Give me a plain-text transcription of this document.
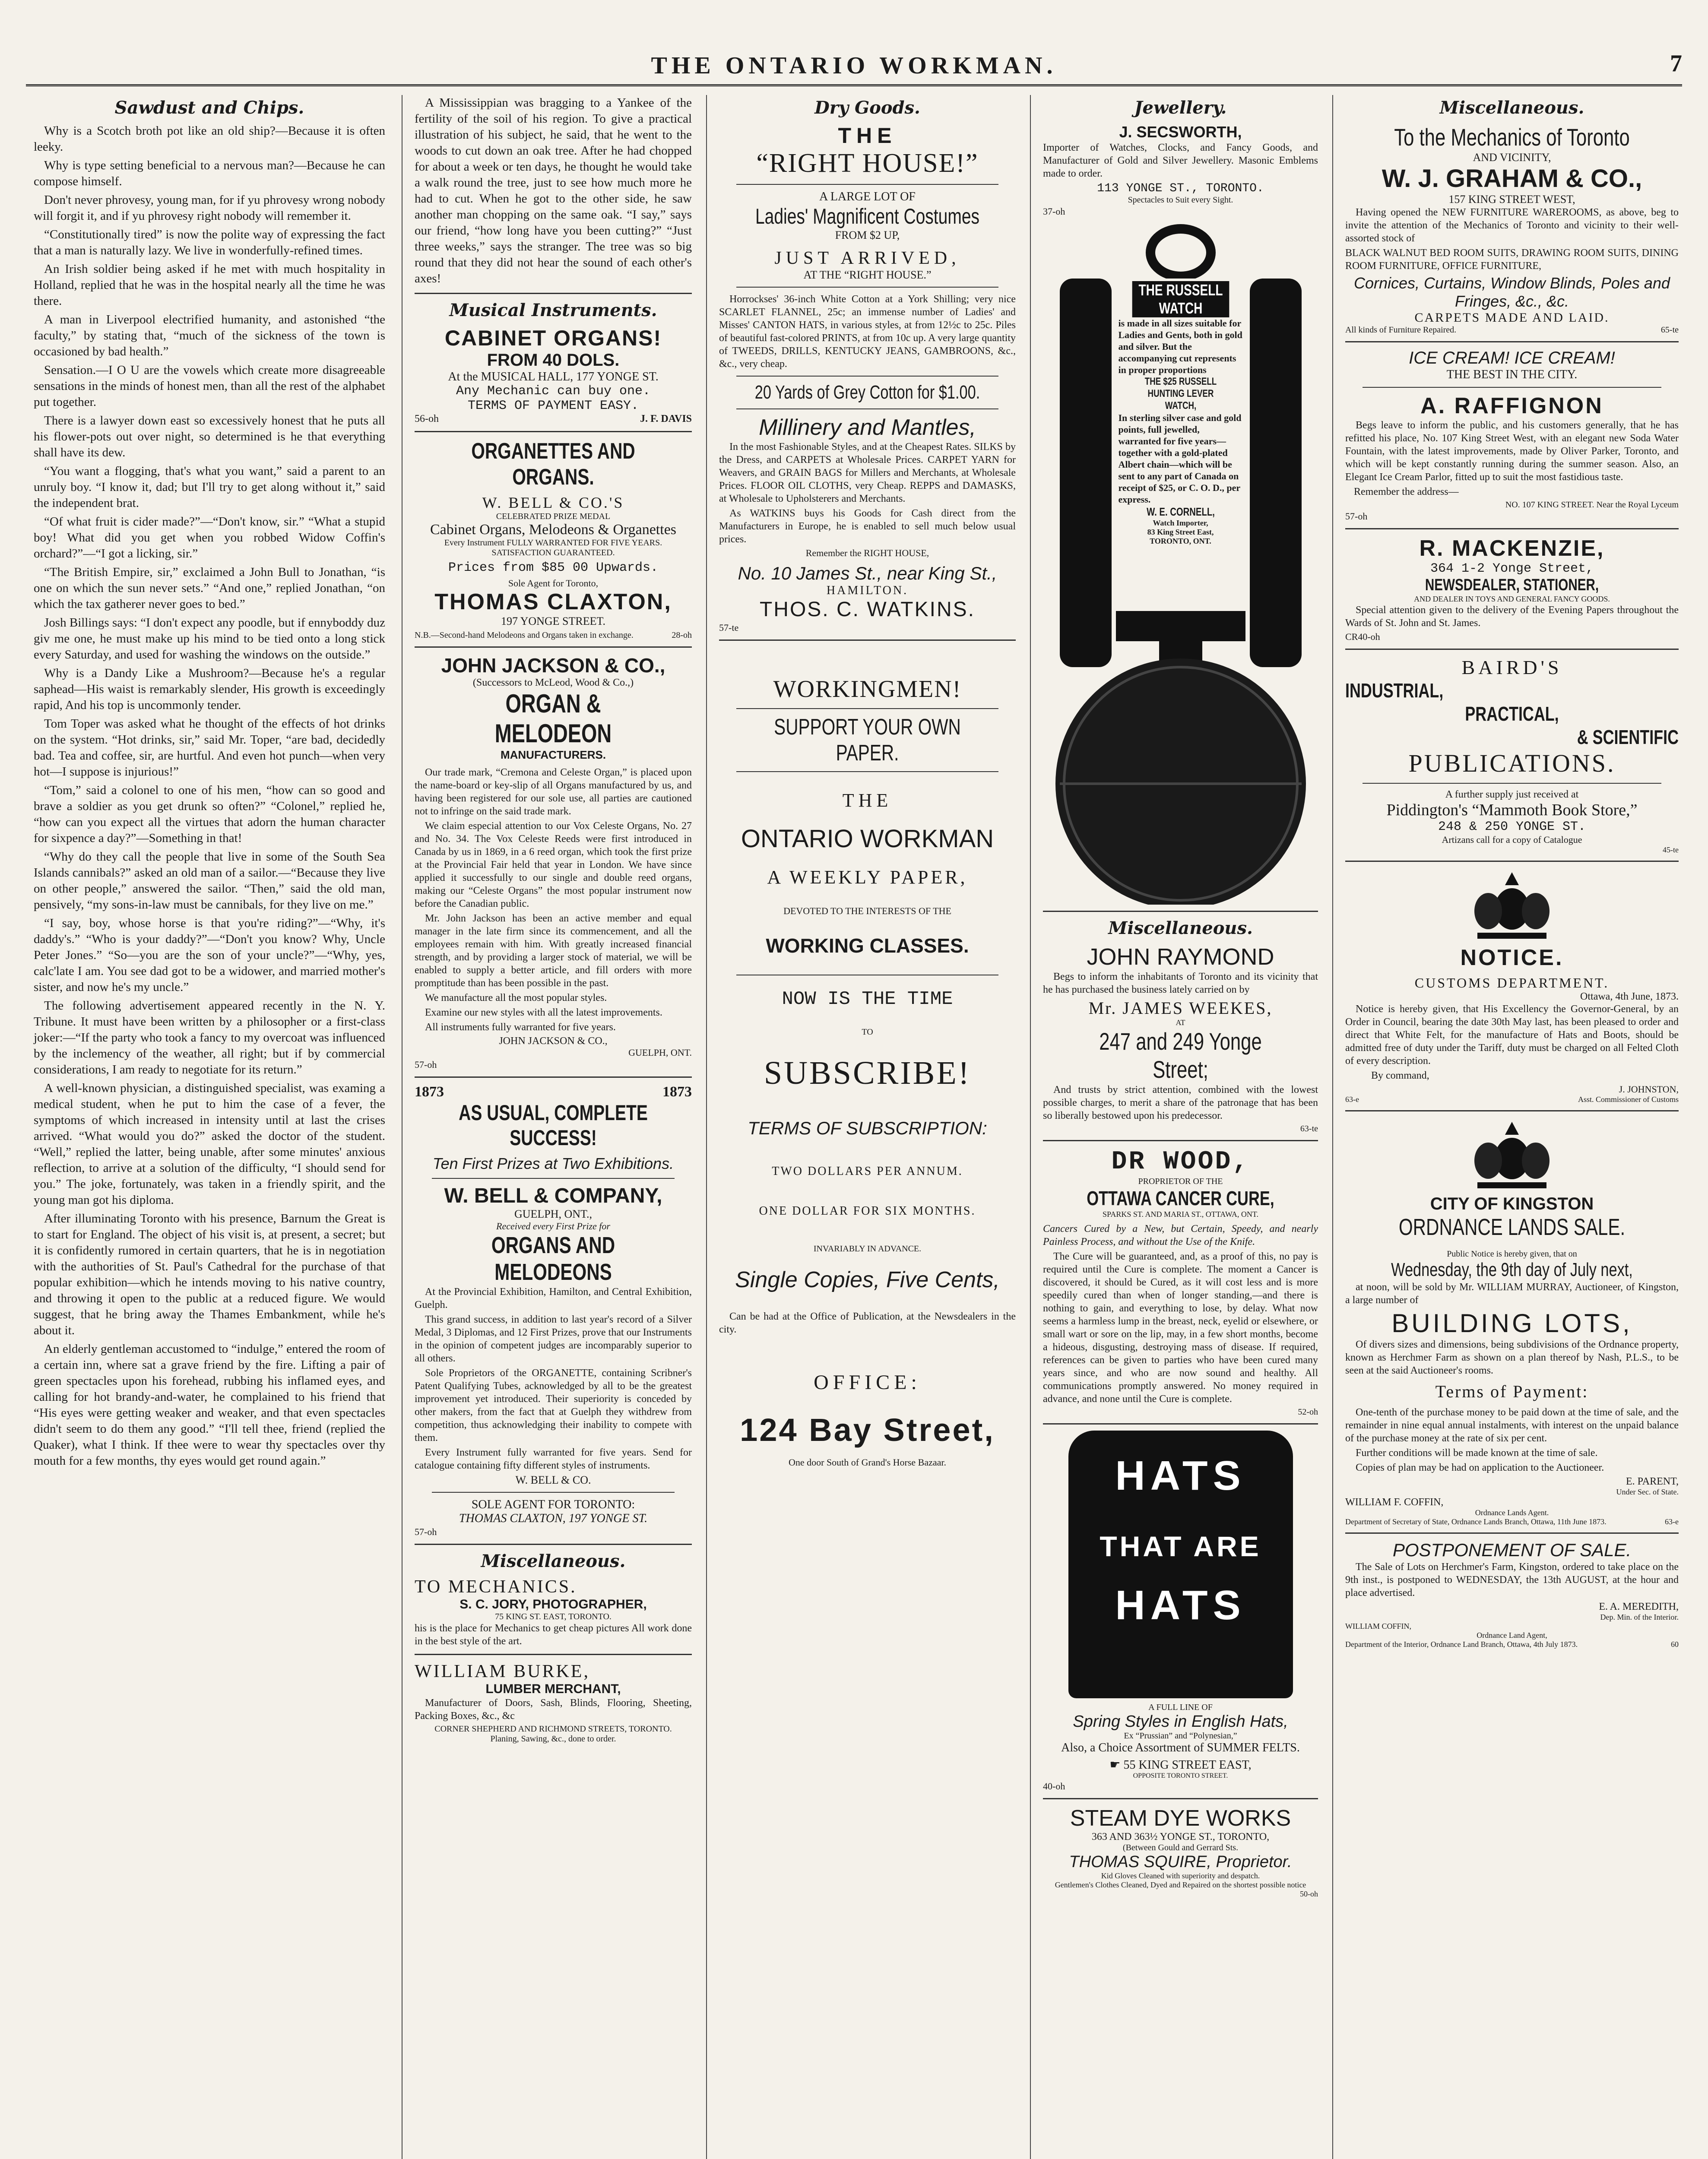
THE ONTARIO WORKMAN.	7
Sawdust and Chips.

Why is a Scotch broth pot like an old ship?—Because it is often leeky.

Why is type setting beneficial to a nervous man?—Because he can compose himself.

Don't never phrovesy, young man, for if yu phrovesy wrong nobody will forgit it, and if yu phrovesy right nobody will remember it.

“Constitutionally tired” is now the polite way of expressing the fact that a man is naturally lazy. We live in wonderfully-refined times.

An Irish soldier being asked if he met with much hospitality in Holland, replied that he was in the hospital nearly all the time he was there.

A man in Liverpool electrified humanity, and astonished “the faculty,” by stating that, “much of the sickness of the town is occasioned by bad health.”

Sensation.—I O U are the vowels which create more disagreeable sensations in the minds of honest men, than all the rest of the alphabet put together.

There is a lawyer down east so excessively honest that he puts all his flower-pots out over night, so determined is he that everything shall have its dew.

“You want a flogging, that's what you want,” said a parent to an unruly boy. “I know it, dad; but I'll try to get along without it,” said the independent brat.

“Of what fruit is cider made?”—“Don't know, sir.” “What a stupid boy! What did you get when you robbed Widow Coffin's orchard?”—“I got a licking, sir.”

“The British Empire, sir,” exclaimed a John Bull to Jonathan, “is one on which the sun never sets.” “And one,” replied Jonathan, “on which the tax gatherer never goes to bed.”

Josh Billings says: “I don't expect any poodle, but if ennyboddy duz giv me one, he must make up his mind to be tied onto a long stick every Saturday, and used for washing the windows on the outside.”

Why is a Dandy Like a Mushroom?—Because he's a regular saphead—His waist is remarkably slender, His growth is exceedingly rapid, And his top is uncommonly tender.

Tom Toper was asked what he thought of the effects of hot drinks on the system. “Hot drinks, sir,” said Mr. Toper, “are bad, decidedly bad. Tea and coffee, sir, are hurtful. And even hot punch—when very hot—I suppose is injurious!”

“Tom,” said a colonel to one of his men, “how can so good and brave a soldier as you get drunk so often?” “Colonel,” replied he, “how can you expect all the virtues that adorn the human character for sixpence a day?”—Something in that!

“Why do they call the people that live in some of the South Sea Islands cannibals?” asked an old man of a sailor.—“Because they live on other people,” answered the sailor. “Then,” said the old man, pensively, “my sons-in-law must be cannibals, for they live on me.”

“I say, boy, whose horse is that you're riding?”—“Why, it's daddy's.” “Who is your daddy?”—“Don't you know? Why, Uncle Peter Jones.” “So—you are the son of your uncle?”—“Why, yes, calc'late I am. You see dad got to be a widower, and married mother's sister, and now he's my uncle.”

The following advertisement appeared recently in the N. Y. Tribune. It must have been written by a philosopher or a first-class joker:—“If the party who took a fancy to my overcoat was influenced by the inclemency of the weather, all right; but if by commercial considerations, I am ready to negotiate for its return.”

A well-known physician, a distinguished specialist, was examing a medical student, when he put to him the case of a fever, the symptoms of which increased in intensity until at last the crises arrived. “What would you do?” asked the doctor of the student. “Well,” replied the latter, being unable, after some minutes' anxious reflection, to arrive at a solution of the difficulty, “I should send for you.” The joke, fortunately, was taken in a friendly spirit, and the young man got his diploma.

After illuminating Toronto with his presence, Barnum the Great is to start for England. The object of his visit is, at present, a secret; but it is confidently rumored in certain quarters, that he is in negotiation with the authorities of St. Paul's Cathedral for the purchase of that popular exhibition—which he intends moving to his native country, and throwing it open to the public at a reduced figure. We would suggest, that he bring away the Thames Embankment, while he's about it.

An elderly gentleman accustomed to “indulge,” entered the room of a certain inn, where sat a grave friend by the fire. Lifting a pair of green spectacles upon his forehead, rubbing his inflamed eyes, and calling for hot brandy-and-water, he complained to his friend that “His eyes were getting weaker and weaker, and that even spectacles didn't seem to do them any good.” “I'll tell thee, friend (replied the Quaker), what I think. If thee were to wear thy spectacles over thy mouth for a few months, thy eyes would get round again.”

A Mississippian was bragging to a Yankee of the fertility of the soil of his region. To give a practical illustration of his subject, he said, that he went to the woods to cut down an oak tree. After he had chopped for about a week or ten days, he thought he would take a walk round the tree, just to see how much more he had to cut. When he got to the other side, he saw another man chopping on the same oak. “I say,” says our friend, “how long have you been cutting?” “Just three weeks,” says the stranger. The tree was so big round that they did not hear the sound of each other's axes!

Musical Instruments.
CABINET ORGANS!
FROM 40 DOLS.
At the MUSICAL HALL, 177 YONGE ST.
Any Mechanic can buy one.
TERMS OF PAYMENT EASY.
56-oh	J. F. DAVIS
ORGANETTES AND ORGANS.
W. BELL & CO.'S
CELEBRATED PRIZE MEDAL
Cabinet Organs, Melodeons & Organettes
Every Instrument FULLY WARRANTED FOR FIVE YEARS. SATISFACTION GUARANTEED.
Prices from $85 00 Upwards.
Sole Agent for Toronto,
THOMAS CLAXTON,
197 YONGE STREET.
N.B.—Second-hand Melodeons and Organs taken in exchange.	28-oh
JOHN JACKSON & CO.,
(Successors to McLeod, Wood & Co.,)
ORGAN & MELODEON
MANUFACTURERS.

Our trade mark, “Cremona and Celeste Organ,” is placed upon the name-board or key-slip of all Organs manufactured by us, and having been registered for our sole use, all parties are cautioned not to infringe on the said trade mark.

We claim especial attention to our Vox Celeste Organs, No. 27 and No. 34. The Vox Celeste Reeds were first introduced in Canada by us in 1869, in a 6 reed organ, which took the first prize at the Provincial Fair held that year in London. We have since applied it successfully to our single and double reed organs, making our “Celeste Organs” the most popular instrument now before the Canadian public.

Mr. John Jackson has been an active member and equal manager in the late firm since its commencement, and all the employees remain with him. With greatly increased financial strength, and by providing a larger stock of material, we will be enabled to supply a better article, and fill orders with more promptitude than has been possible in the past.

We manufacture all the most popular styles.

Examine our new styles with all the latest improvements.

All instruments fully warranted for five years.

JOHN JACKSON & CO.,
GUELPH, ONT.
57-oh
1873	1873
AS USUAL, COMPLETE SUCCESS!
Ten First Prizes at Two Exhibitions.
W. BELL & COMPANY,
GUELPH, ONT.,
Received every First Prize for
ORGANS AND MELODEONS

At the Provincial Exhibition, Hamilton, and Central Exhibition, Guelph.

This grand success, in addition to last year's record of a Silver Medal, 3 Diplomas, and 12 First Prizes, prove that our Instruments in the opinion of competent judges are incomparably superior to all others.

Sole Proprietors of the ORGANETTE, containing Scribner's Patent Qualifying Tubes, acknowledged by all to be the greatest improvement yet introduced. Their superiority is conceded by other makers, from the fact that at Guelph they withdrew from competition, thus acknowledging their inability to compete with them.

Every Instrument fully warranted for five years. Send for catalogue containing fifty different styles of instruments.

W. BELL & CO.
SOLE AGENT FOR TORONTO:
THOMAS CLAXTON, 197 YONGE ST.
57-oh
Miscellaneous.
TO MECHANICS.
S. C. JORY, PHOTOGRAPHER,
75 KING ST. EAST, TORONTO.

his is the place for Mechanics to get cheap pictures All work done in the best style of the art.

WILLIAM BURKE,
LUMBER MERCHANT,

Manufacturer of Doors, Sash, Blinds, Flooring, Sheeting, Packing Boxes, &c., &c

CORNER SHEPHERD AND RICHMOND STREETS, TORONTO.
Planing, Sawing, &c., done to order.
Dry Goods.
THE
“RIGHT HOUSE!”
A LARGE LOT OF
Ladies' Magnificent Costumes
FROM $2 UP,
JUST ARRIVED,
AT THE “RIGHT HOUSE.”

Horrockses' 36-inch White Cotton at a York Shilling; very nice SCARLET FLANNEL, 25c; an immense number of Ladies' and Misses' CANTON HATS, in various styles, at from 12½c to 25c. Piles of beautiful fast-colored PRINTS, at from 10c up. A very large quantity of TWEEDS, DRILLS, KENTUCKY JEANS, GAMBROONS, &c., &c., very cheap.

20 Yards of Grey Cotton for $1.00.
Millinery and Mantles,

In the most Fashionable Styles, and at the Cheapest Rates. SILKS by the Dress, and CARPETS at Wholesale Prices. CARPET YARN for Weavers, and GRAIN BAGS for Millers and Merchants, at Wholesale Prices. FLOOR OIL CLOTHS, very Cheap. REPPS and DAMASKS, at Wholesale to Upholsterers and Merchants.

As WATKINS buys his Goods for Cash direct from the Manufacturers in Europe, he is enabled to sell much below usual prices.

Remember the RIGHT HOUSE,
No. 10 James St., near King St.,
HAMILTON.
THOS. C. WATKINS.
57-te
WORKINGMEN!
SUPPORT YOUR OWN PAPER.
THE
ONTARIO WORKMAN
A WEEKLY PAPER,
DEVOTED TO THE INTERESTS OF THE
WORKING CLASSES.
NOW IS THE TIME
TO
SUBSCRIBE!
TERMS OF SUBSCRIPTION:
TWO DOLLARS PER ANNUM.
ONE DOLLAR FOR SIX MONTHS.
INVARIABLY IN ADVANCE.
Single Copies, Five Cents,

Can be had at the Office of Publication, at the Newsdealers in the city.

OFFICE:
124 Bay Street,
One door South of Grand's Horse Bazaar.
Jewellery.
J. SECSWORTH,

Importer of Watches, Clocks, and Fancy Goods, and Manufacturer of Gold and Silver Jewellery. Masonic Emblems made to order.

113 YONGE ST., TORONTO.
Spectacles to Suit every Sight.
37-oh
THE RUSSELL WATCH
is made in all sizes suitable for Ladies and Gents, both in gold and silver. But the accompanying cut represents in proper proportions
THE $25 RUSSELL HUNTING LEVER WATCH,
In sterling silver case and gold points, full jewelled, warranted for five years—together with a gold-plated Albert chain—which will be sent to any part of Canada on receipt of $25, or C. O. D., per express.
W. E. CORNELL,
Watch Importer,
83 King Street East,
TORONTO, ONT.
Miscellaneous.
JOHN RAYMOND

Begs to inform the inhabitants of Toronto and its vicinity that he has purchased the business lately carried on by

Mr. JAMES WEEKES,
AT
247 and 249 Yonge Street;

And trusts by strict attention, combined with the lowest possible charges, to merit a share of the patronage that has been so liberally bestowed upon his predecessor.

63-te
DR WOOD,
PROPRIETOR OF THE
OTTAWA CANCER CURE,
SPARKS ST. AND MARIA ST., OTTAWA, ONT.

Cancers Cured by a New, but Certain, Speedy, and nearly Painless Process, and without the Use of the Knife.

The Cure will be guaranteed, and, as a proof of this, no pay is required until the Cure is complete. The moment a Cancer is discovered, it should be Cured, as it will cost less and is more speedily cured than when of longer standing,—and there is nothing to gain, and everything to lose, by delay. What now seems a harmless lump in the breast, neck, eyelid or elsewhere, or small wart or sore on the lip, may, in a few short months, become a hideous, disgusting, destroying mass of disease. If required, references can be given to parties who have been cured many years since, and who are now sound and healthy. All communications promptly answered. No money required in advance, and none until the Cure is complete.

52-oh
HATS
THAT ARE
HATS
A FULL LINE OF
Spring Styles in English Hats,
Ex “Prussian” and “Polynesian,”
Also, a Choice Assortment of SUMMER FELTS.
☛ 55 KING STREET EAST,
OPPOSITE TORONTO STREET.
40-oh
STEAM DYE WORKS
363 AND 363½ YONGE ST., TORONTO,
(Between Gould and Gerrard Sts.
THOMAS SQUIRE, Proprietor.
Kid Gloves Cleaned with superiority and despatch.
Gentlemen's Clothes Cleaned, Dyed and Repaired on the shortest possible notice
50-oh
Miscellaneous.
To the Mechanics of Toronto
AND VICINITY,
W. J. GRAHAM & CO.,
157 KING STREET WEST,

Having opened the NEW FURNITURE WAREROOMS, as above, beg to invite the attention of the Mechanics of Toronto and vicinity to their well-assorted stock of

BLACK WALNUT BED ROOM SUITS, DRAWING ROOM SUITS, DINING ROOM FURNITURE, OFFICE FURNITURE,

Cornices, Curtains, Window Blinds, Poles and Fringes, &c., &c.
CARPETS MADE AND LAID.
All kinds of Furniture Repaired.	65-te
ICE CREAM! ICE CREAM!
THE BEST IN THE CITY.
A. RAFFIGNON

Begs leave to inform the public, and his customers generally, that he has refitted his place, No. 107 King Street West, with an elegant new Soda Water Fountain, with the latest improvements, made by Oliver Parker, Toronto, and which will be kept constantly running during the summer season. Also, an Elegant Ice Cream Parlor, fitted up to suit the most fastidious taste.

Remember the address—
NO. 107 KING STREET. Near the Royal Lyceum
57-oh
R. MACKENZIE,
364 1-2 Yonge Street,
NEWSDEALER, STATIONER,
AND DEALER IN TOYS AND GENERAL FANCY GOODS.

Special attention given to the delivery of the Evening Papers throughout the Wards of St. John and St. James.

CR40-oh
BAIRD'S
INDUSTRIAL,
PRACTICAL,
& SCIENTIFIC
PUBLICATIONS.
A further supply just received at
Piddington's “Mammoth Book Store,”
248 & 250 YONGE ST.
Artizans call for a copy of Catalogue
45-te
NOTICE.
CUSTOMS DEPARTMENT.
Ottawa, 4th June, 1873.

Notice is hereby given, that His Excellency the Governor-General, by an Order in Council, bearing the date 30th May last, has been pleased to order and direct that White Felt, for the manufacture of Hats and Boots, should be admitted free of duty under the Tariff, duty must be charged on all Felted Cloth of every description.

By command,
J. JOHNSTON,
63-e	Asst. Commissioner of Customs
CITY OF KINGSTON
ORDNANCE LANDS SALE.
Public Notice is hereby given, that on
Wednesday, the 9th day of July next,

at noon, will be sold by Mr. WILLIAM MURRAY, Auctioneer, of Kingston, a large number of

BUILDING LOTS,

Of divers sizes and dimensions, being subdivisions of the Ordnance property, known as Herchmer Farm as shown on a plan thereof by Nash, P.L.S., to be seen at the said Auctioneer's rooms.

Terms of Payment:

One-tenth of the purchase money to be paid down at the time of sale, and the remainder in nine equal annual instalments, with interest on the unpaid balance of the purchase money at the rate of six per cent.

Further conditions will be made known at the time of sale.

Copies of plan may be had on application to the Auctioneer.

E. PARENT,
Under Sec. of State.
WILLIAM F. COFFIN,
Ordnance Lands Agent.
Department of Secretary of State, Ordnance Lands Branch, Ottawa, 11th June 1873.	63-e
POSTPONEMENT OF SALE.

The Sale of Lots on Herchmer's Farm, Kingston, ordered to take place on the 9th inst., is postponed to WEDNESDAY, the 13th AUGUST, at the hour and place advertised.

E. A. MEREDITH,
Dep. Min. of the Interior.
WILLIAM COFFIN,
Ordnance Land Agent,
Department of the Interior, Ordnance Land Branch, Ottawa, 4th July 1873.	60
